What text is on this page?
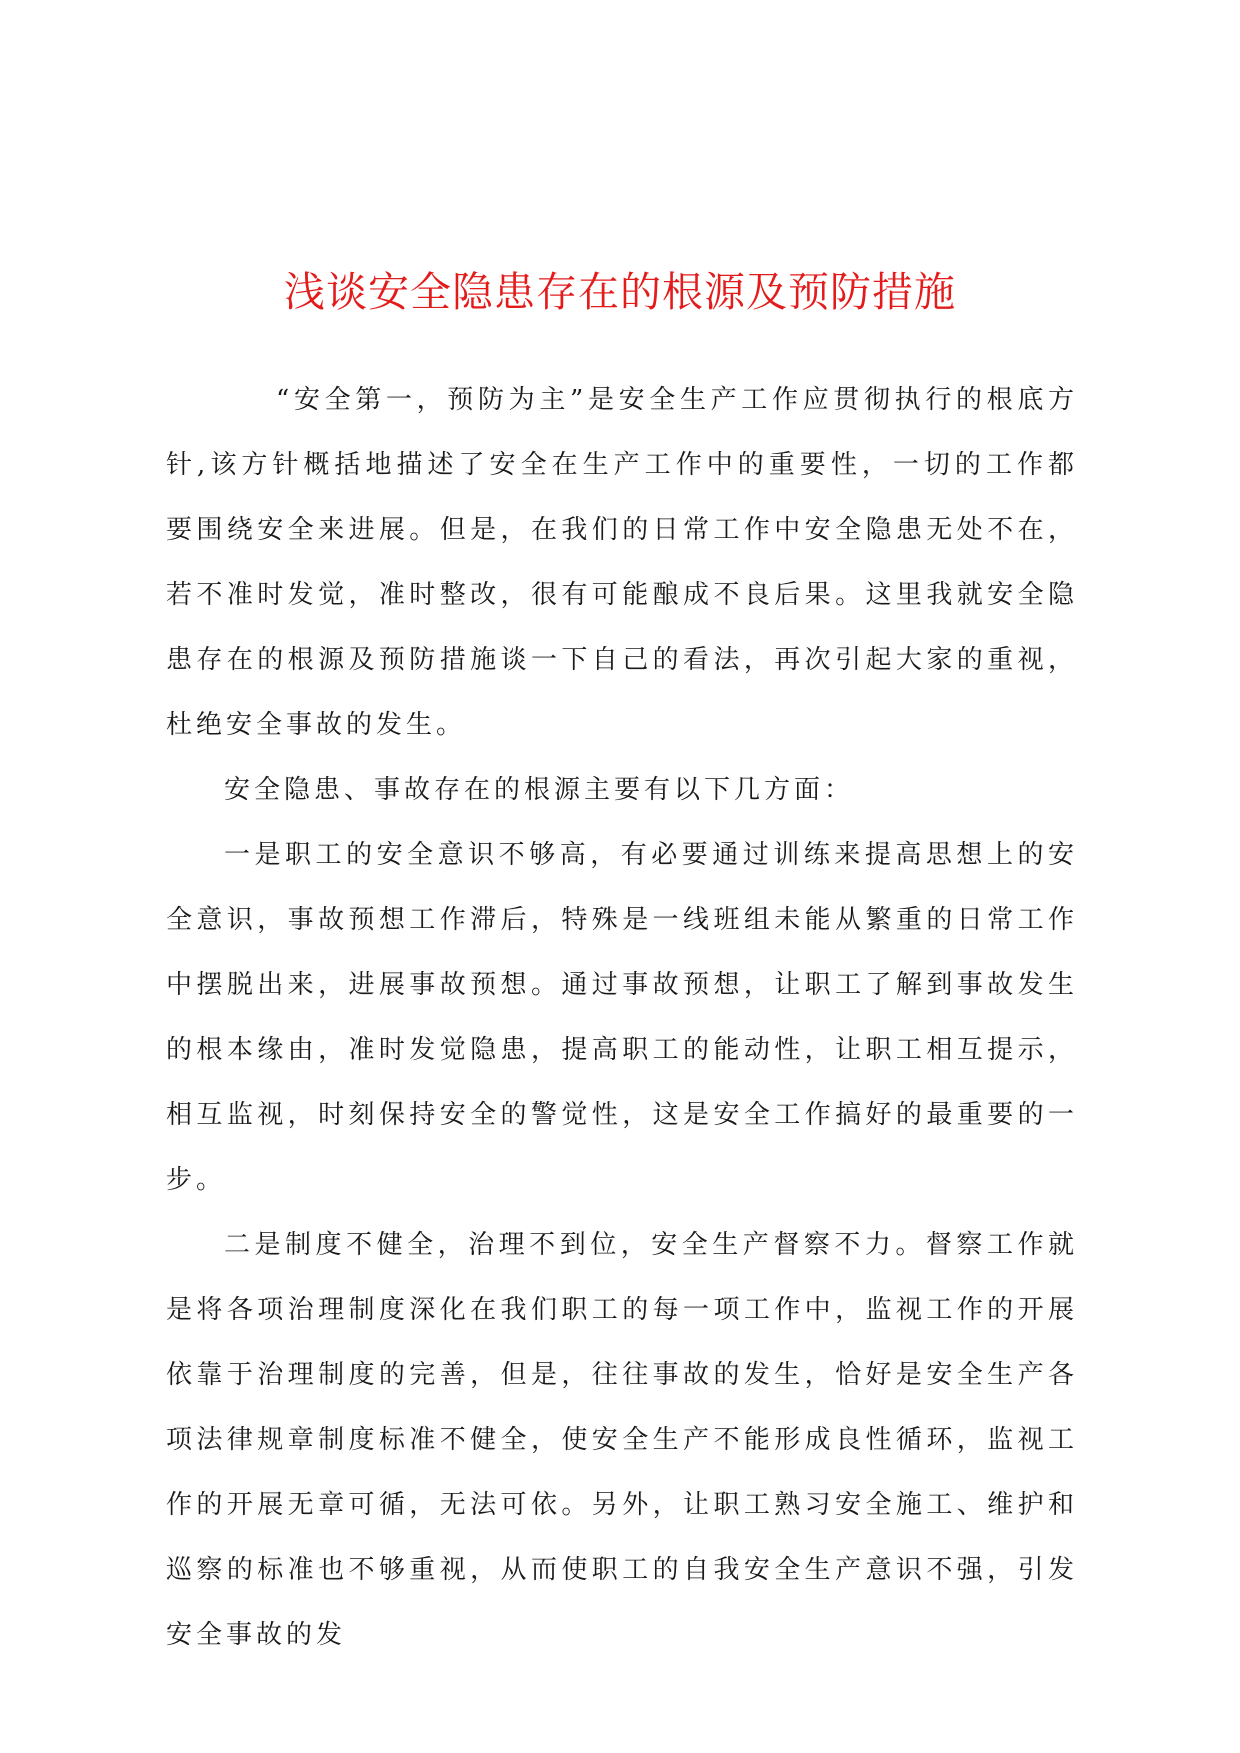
浅谈安全隐患存在的根源及预防措施

“安全第一，预防为主”是安全生产工作应贯彻执行的根底方针,该方针概括地描述了安全在生产工作中的重要性，一切的工作都要围绕安全来进展。但是，在我们的日常工作中安全隐患无处不在，若不准时发觉，准时整改，很有可能酿成不良后果。这里我就安全隐患存在的根源及预防措施谈一下自己的看法，再次引起大家的重视，杜绝安全事故的发生。

安全隐患、事故存在的根源主要有以下几方面：

一是职工的安全意识不够高，有必要通过训练来提高思想上的安全意识，事故预想工作滞后，特殊是一线班组未能从繁重的日常工作中摆脱出来，进展事故预想。通过事故预想，让职工了解到事故发生的根本缘由，准时发觉隐患，提高职工的能动性，让职工相互提示，相互监视，时刻保持安全的警觉性，这是安全工作搞好的最重要的一步。

二是制度不健全，治理不到位，安全生产督察不力。督察工作就是将各项治理制度深化在我们职工的每一项工作中，监视工作的开展依靠于治理制度的完善，但是，往往事故的发生，恰好是安全生产各项法律规章制度标准不健全，使安全生产不能形成良性循环，监视工作的开展无章可循，无法可依。另外，让职工熟习安全施工、维护和巡察的标准也不够重视，从而使职工的自我安全生产意识不强，引发安全事故的发
